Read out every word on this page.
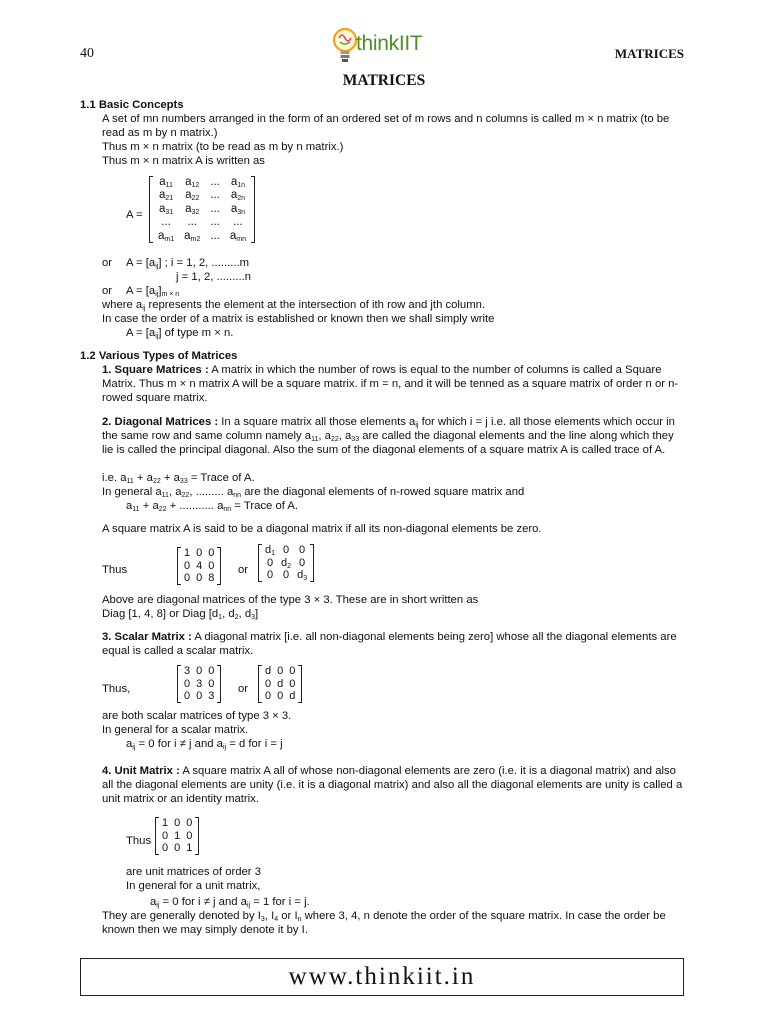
40	thinkIIT	MATRICES
MATRICES
1.1 Basic Concepts
A set of mn numbers arranged in the form of an ordered set of m rows and n columns is called m × n matrix (to be read as m by n matrix.)
Thus m × n matrix (to be read as m by n matrix.)
Thus m × n matrix A is written as
A =
$a_{11}$	$a_{12}$	...	$a_{1n}$
$a_{21}$	$a_{22}$	...	$a_{2n}$
$a_{31}$	$a_{32}$	...	$a_{3n}$
...	...	...	...
$a_{m1}$	$a_{m2}$	...	$a_{mn}$
or $A = [a_{ij}]$ ; i = 1, 2, .........m
j = 1, 2, .........n
or $A = [a_{ij}]_{m \times n}$
where $a_{ij}$ represents the element at the intersection of ith row and jth column.
In case the order of a matrix is established or known then we shall simply write
$A = [a_{ij}]$ of type m × n.
1.2 Various Types of Matrices
1. Square Matrices : A matrix in which the number of rows is equal to the number of columns is called a Square Matrix. Thus m × n matrix A will be a square matrix. if m = n, and it will be tenned as a square matrix of order n or n-rowed square matrix.
2. Diagonal Matrices : In a square matrix all those elements $a_{ij}$ for which i = j i.e. all those elements which occur in the same row and same column namely $a_{11}$, $a_{22}$, $a_{33}$ are called the diagonal elements and the line along which they lie is called the principal diagonal. Also the sum of the diagonal elements of a square matrix A is called trace of A.
i.e. $a_{11} + a_{22} + a_{33}$ = Trace of A.
In general $a_{11}$, $a_{22}$, ......... $a_{nn}$ are the diagonal elements of n-rowed square matrix and
$a_{11} + a_{22}$ + ........... $a_{nn}$ = Trace of A.
A square matrix A is said to be a diagonal matrix if all its non-diagonal elements be zero.
Thus
1	0	0
0	4	0
0	0	8
or
$d_1$	0	0
0	$d_2$	0
0	0	$d_3$
Above are diagonal matrices of the type 3 × 3. These are in short written as
Diag [1, 4, 8] or Diag [$d_1$, $d_2$, $d_3$]
3. Scalar Matrix : A diagonal matrix [i.e. all non-diagonal elements being zero] whose all the diagonal elements are equal is called a scalar matrix.
Thus,
3	0	0
0	3	0
0	0	3
or
d	0	0
0	d	0
0	0	d
are both scalar matrices of type 3 × 3.
In general for a scalar matrix.
$a_{ij} = 0$ for i ≠ j and $a_{ij} = d$ for i = j
4. Unit Matrix : A square matrix A all of whose non-diagonal elements are zero (i.e. it is a diagonal matrix) and also all the diagonal elements are unity (i.e. it is a diagonal matrix) and also all the diagonal elements are unity is called a unit matrix or an identity matrix.
Thus
1	0	0
0	1	0
0	0	1
are unit matrices of order 3
In general for a unit matrix,
$a_{ij} = 0$ for i ≠ j and $a_{ij} = 1$ for i = j.
They are generally denoted by $I_3$, $I_4$ or $I_n$ where 3, 4, n denote the order of the square matrix. In case the order be known then we may simply denote it by I.
www.thinkiit.in
